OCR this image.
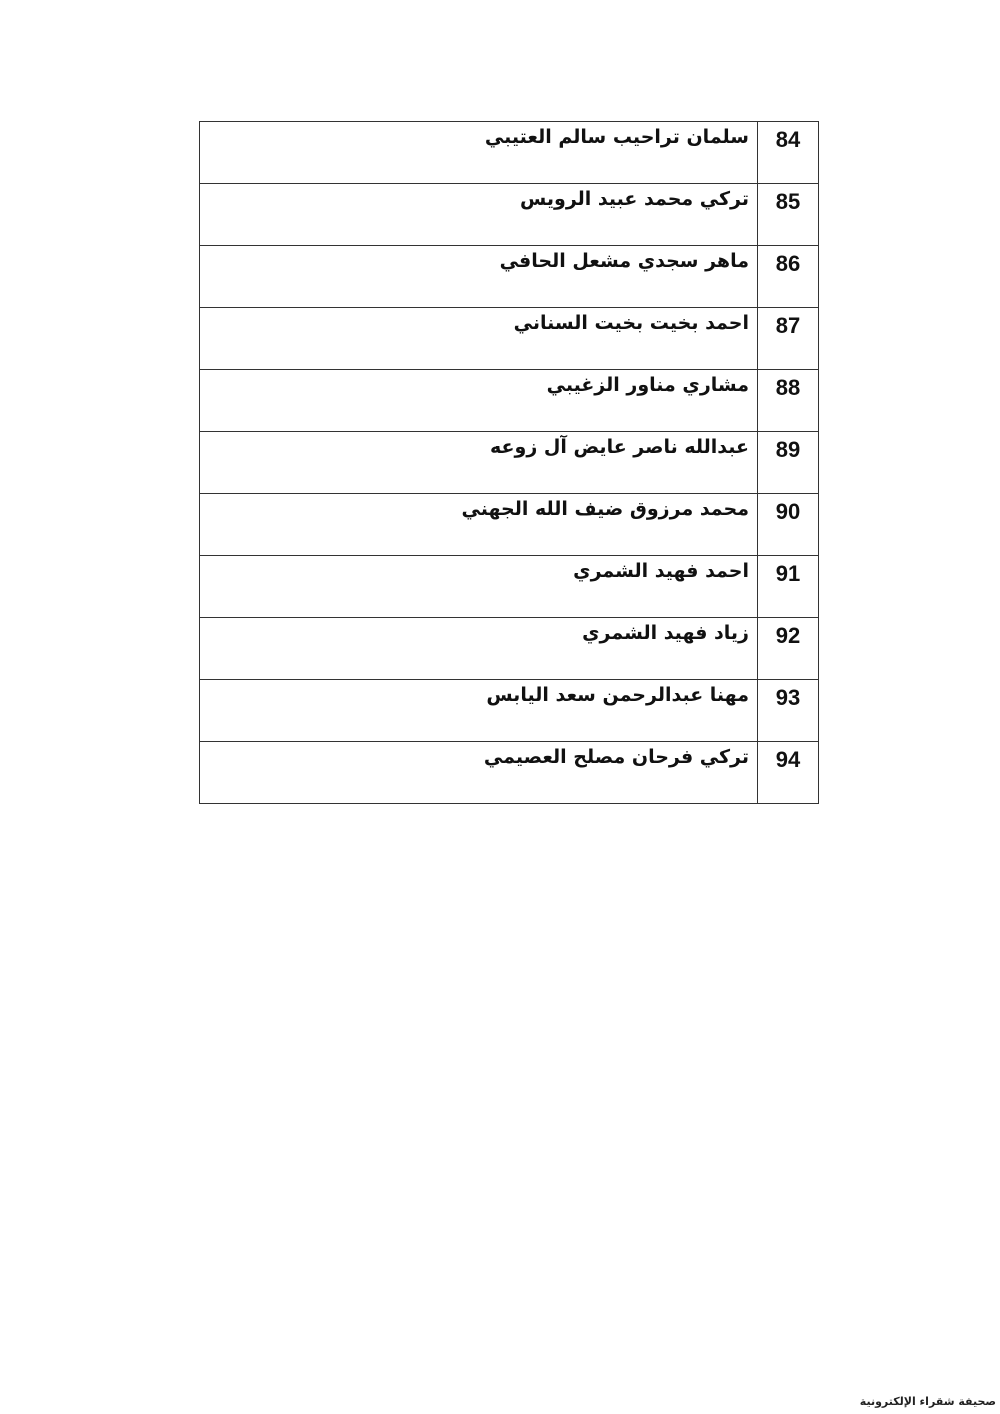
84	سلمان تراحيب سالم العتيبي
85	تركي محمد عبيد الرويس
86	ماهر سجدي مشعل الحافي
87	احمد بخيت بخيت السناني
88	مشاري مناور الزغيبي
89	عبدالله ناصر عايض آل زوعه
90	محمد مرزوق ضيف الله الجهني
91	احمد فهيد الشمري
92	زياد فهيد الشمري
93	مهنا عبدالرحمن سعد اليابس
94	تركي فرحان مصلح العصيمي
صحيفة شقراء الإلكترونية
